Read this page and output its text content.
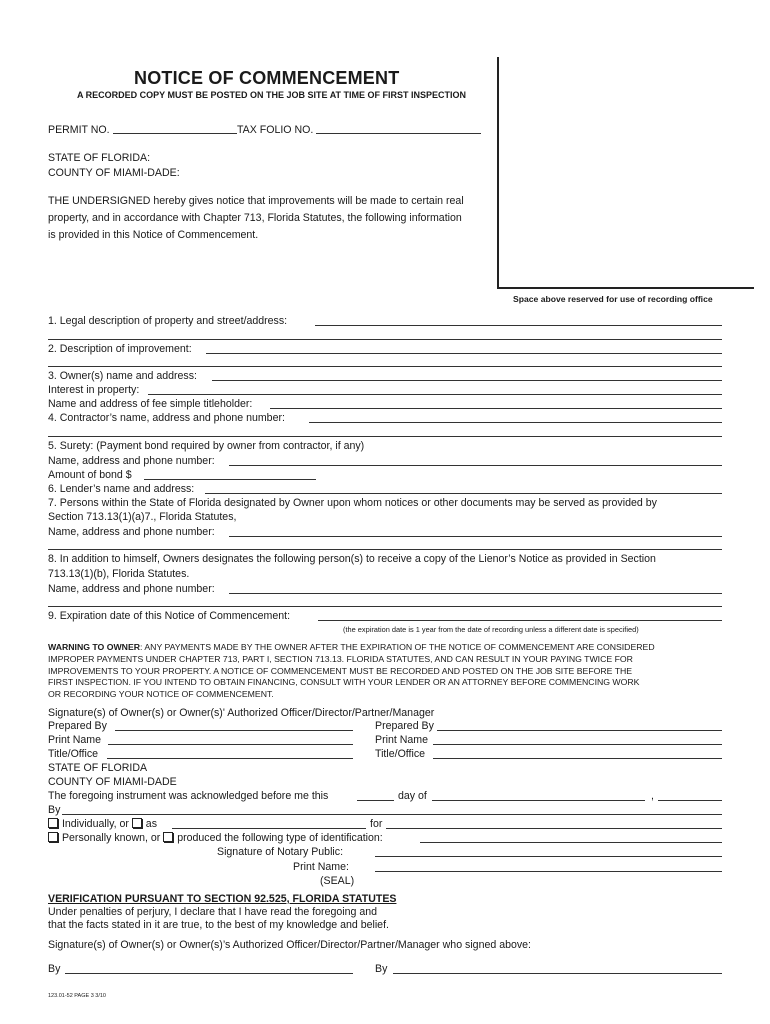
NOTICE OF COMMENCEMENT
A RECORDED COPY MUST BE POSTED ON THE JOB SITE AT TIME OF FIRST INSPECTION
PERMIT NO.	TAX FOLIO NO.
STATE OF FLORIDA:
COUNTY OF MIAMI-DADE:
THE UNDERSIGNED hereby gives notice that improvements will be made to certain real
property, and in accordance with Chapter 713, Florida Statutes, the following information
is provided in this Notice of Commencement.
Space above reserved for use of recording office
1. Legal description of property and street/address:
2. Description of improvement:
3. Owner(s) name and address:
Interest in property:
Name and address of fee simple titleholder:
4. Contractor’s name, address and phone number:
5. Surety: (Payment bond required by owner from contractor, if any)
Name, address and phone number:
Amount of bond $
6. Lender’s name and address:
7. Persons within the State of Florida designated by Owner upon whom notices or other documents may be served as provided by
Section 713.13(1)(a)7., Florida Statutes,
Name, address and phone number:
8. In addition to himself, Owners designates the following person(s) to receive a copy of the Lienor’s Notice as provided in Section
713.13(1)(b), Florida Statutes.
Name, address and phone number:
9. Expiration date of this Notice of Commencement:
(the expiration date is 1 year from the date of recording unless a different date is specified)
WARNING TO OWNER: ANY PAYMENTS MADE BY THE OWNER AFTER THE EXPIRATION OF THE NOTICE OF COMMENCEMENT ARE CONSIDERED
IMPROPER PAYMENTS UNDER CHAPTER 713, PART I, SECTION 713.13. FLORIDA STATUTES, AND CAN RESULT IN YOUR PAYING TWICE FOR
IMPROVEMENTS TO YOUR PROPERTY. A NOTICE OF COMMENCEMENT MUST BE RECORDED AND POSTED ON THE JOB SITE BEFORE THE
FIRST INSPECTION. IF YOU INTEND TO OBTAIN FINANCING, CONSULT WITH YOUR LENDER OR AN ATTORNEY BEFORE COMMENCING WORK
OR RECORDING YOUR NOTICE OF COMMENCEMENT.
Signature(s) of Owner(s) or Owner(s)' Authorized Officer/Director/Partner/Manager
Prepared By	Prepared By
Print Name	Print Name
Title/Office	Title/Office
STATE OF FLORIDA
COUNTY OF MIAMI-DADE
The foregoing instrument was acknowledged before me this	day of	,
By
Individually, or as	for
Personally known, or produced the following type of identification:
Signature of Notary Public:
Print Name:
(SEAL)
VERIFICATION PURSUANT TO SECTION 92.525, FLORIDA STATUTES
Under penalties of perjury, I declare that I have read the foregoing and
that the facts stated in it are true, to the best of my knowledge and belief.
Signature(s) of Owner(s) or Owner(s)’s Authorized Officer/Director/Partner/Manager who signed above:
By	By
123.01-52 PAGE 3 3/10
